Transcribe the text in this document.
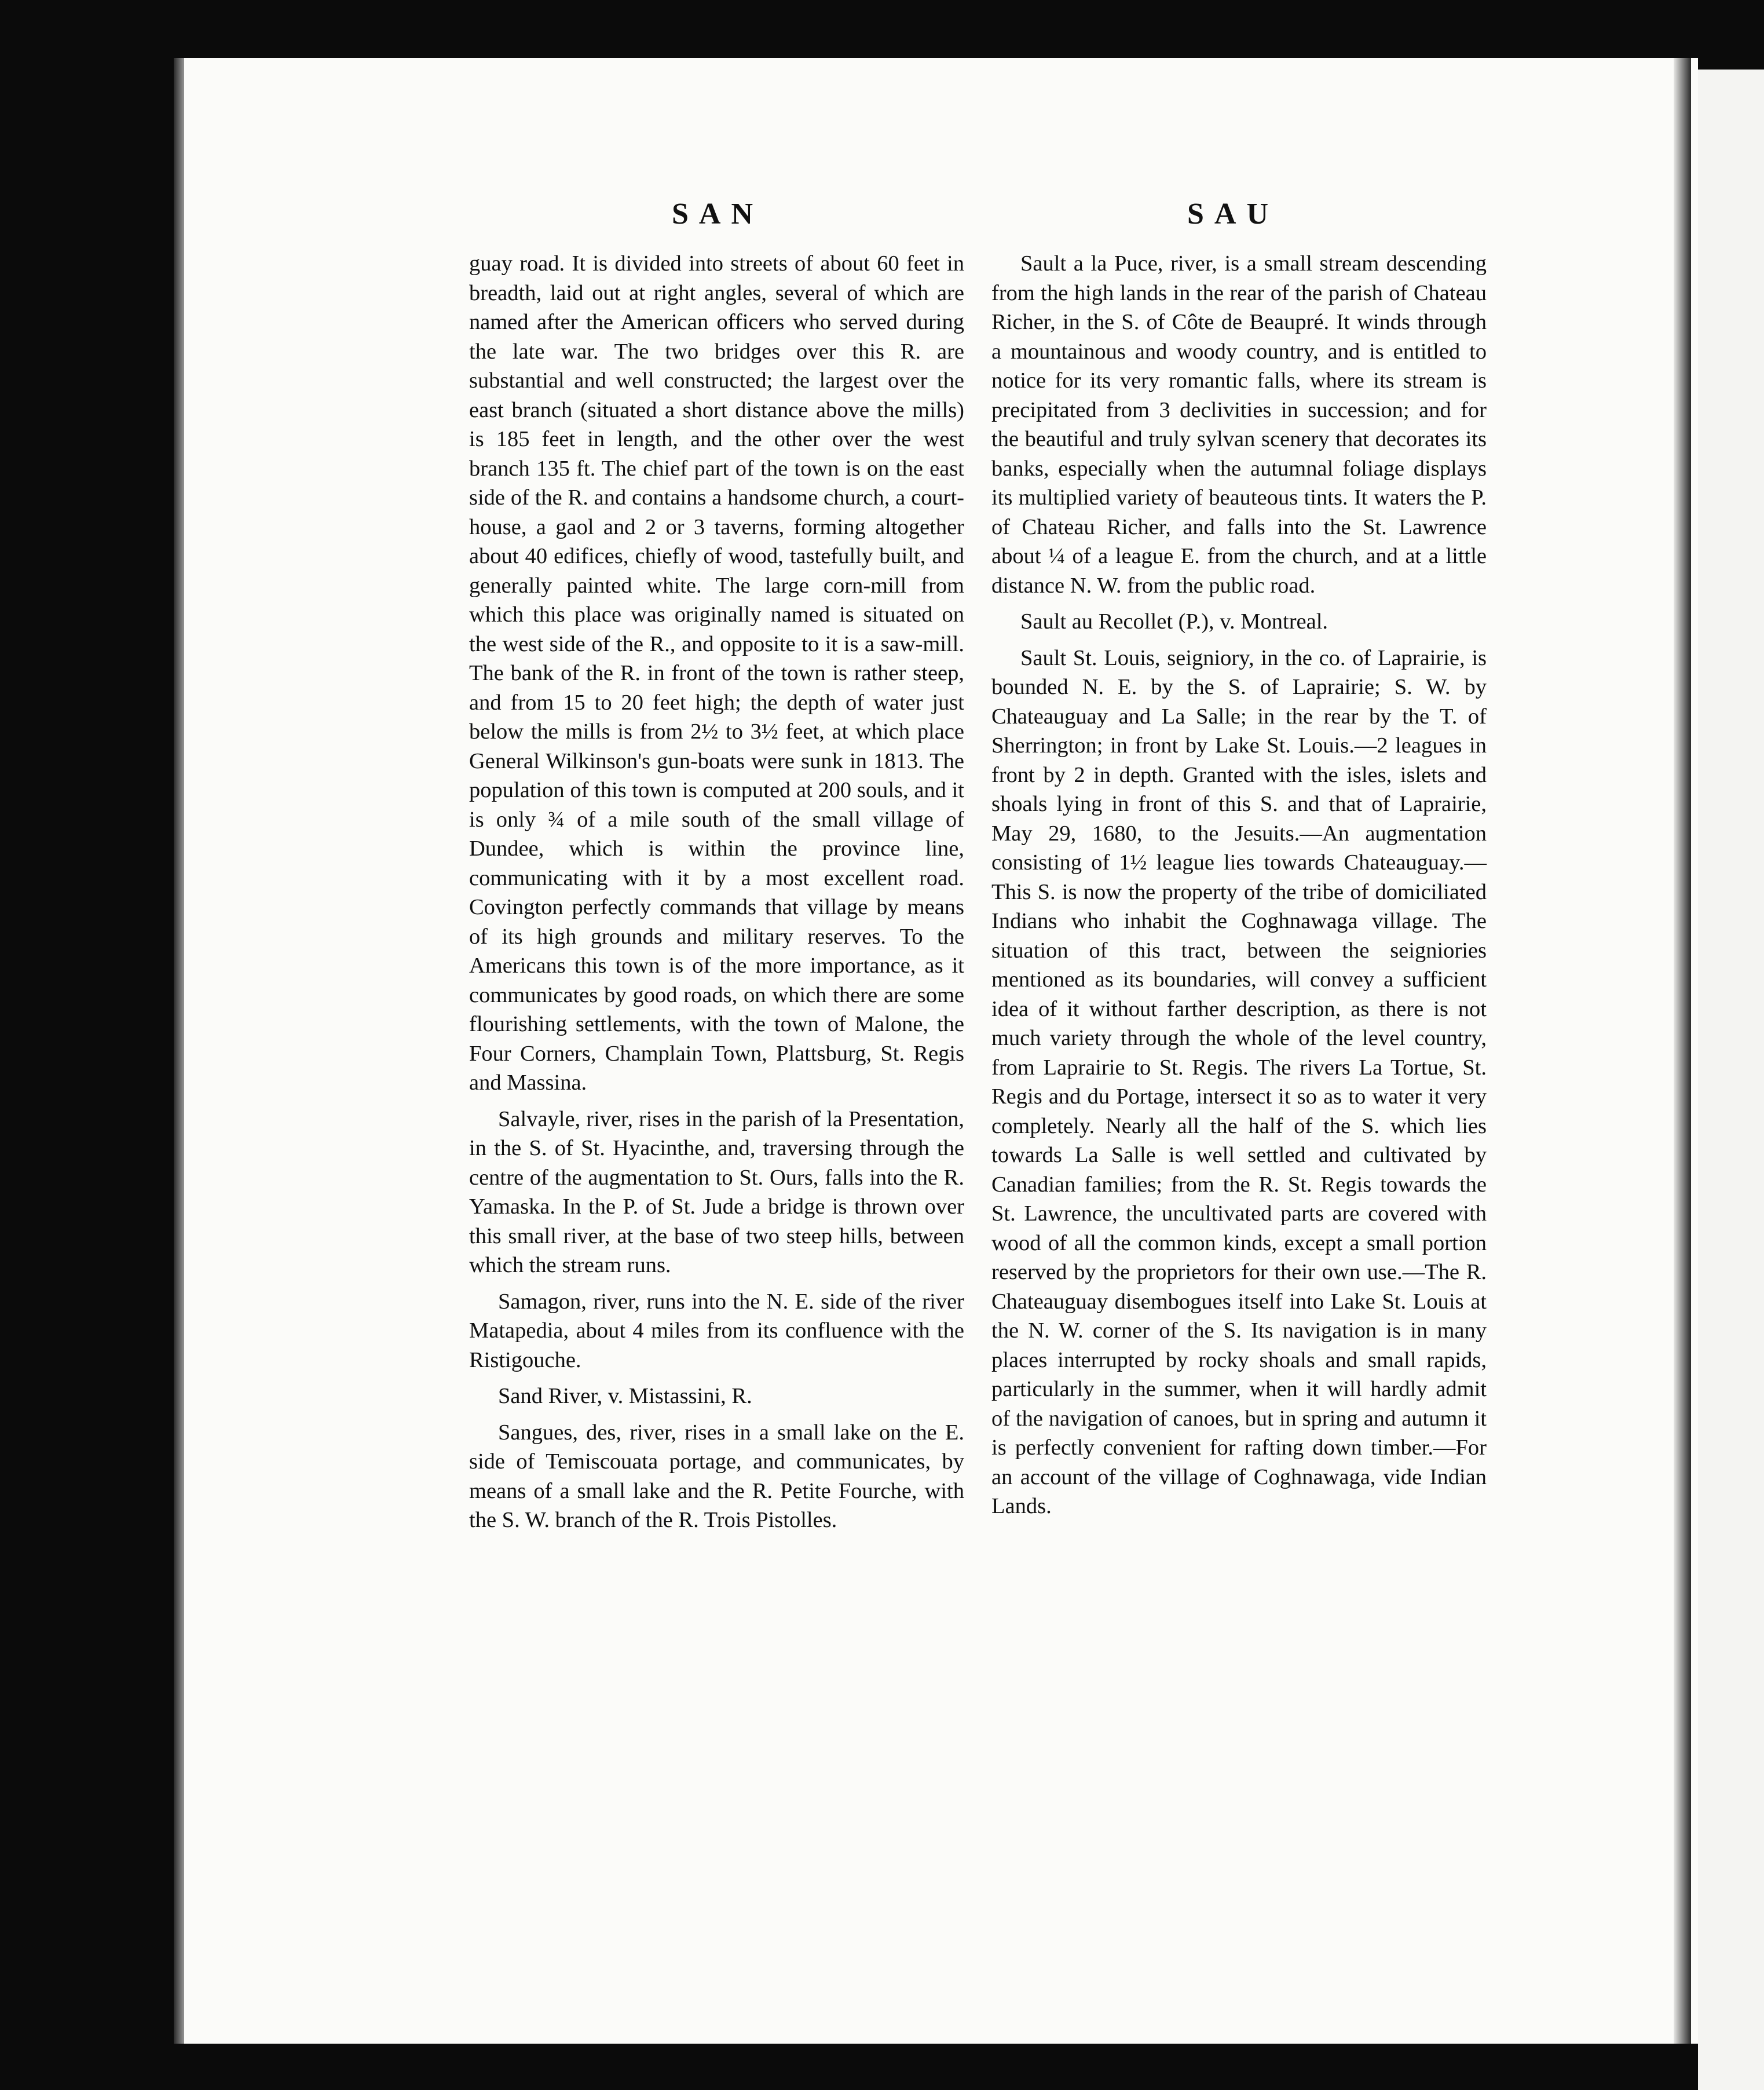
SAN	SAU

guay road. It is divided into streets of about 60 feet in breadth, laid out at right angles, several of which are named after the American officers who served during the late war. The two bridges over this R. are substantial and well constructed; the largest over the east branch (situated a short distance above the mills) is 185 feet in length, and the other over the west branch 135 ft. The chief part of the town is on the east side of the R. and contains a handsome church, a court-house, a gaol and 2 or 3 taverns, forming altogether about 40 edifices, chiefly of wood, tastefully built, and generally painted white. The large corn-mill from which this place was originally named is situated on the west side of the R., and opposite to it is a saw-mill. The bank of the R. in front of the town is rather steep, and from 15 to 20 feet high; the depth of water just below the mills is from 2½ to 3½ feet, at which place General Wilkinson's gun-boats were sunk in 1813. The population of this town is computed at 200 souls, and it is only ¾ of a mile south of the small village of Dundee, which is within the province line, communicating with it by a most excellent road. Covington perfectly commands that village by means of its high grounds and military reserves. To the Americans this town is of the more importance, as it communicates by good roads, on which there are some flourishing settlements, with the town of Malone, the Four Corners, Champlain Town, Plattsburg, St. Regis and Massina.

Salvayle, river, rises in the parish of la Presentation, in the S. of St. Hyacinthe, and, traversing through the centre of the augmentation to St. Ours, falls into the R. Yamaska. In the P. of St. Jude a bridge is thrown over this small river, at the base of two steep hills, between which the stream runs.

Samagon, river, runs into the N. E. side of the river Matapedia, about 4 miles from its confluence with the Ristigouche.

Sand River, v. Mistassini, R.

Sangues, des, river, rises in a small lake on the E. side of Temiscouata portage, and communicates, by means of a small lake and the R. Petite Fourche, with the S. W. branch of the R. Trois Pistolles.

Sault a la Puce, river, is a small stream descending from the high lands in the rear of the parish of Chateau Richer, in the S. of Côte de Beaupré. It winds through a mountainous and woody country, and is entitled to notice for its very romantic falls, where its stream is precipitated from 3 declivities in succession; and for the beautiful and truly sylvan scenery that decorates its banks, especially when the autumnal foliage displays its multiplied variety of beauteous tints. It waters the P. of Chateau Richer, and falls into the St. Lawrence about ¼ of a league E. from the church, and at a little distance N. W. from the public road.

Sault au Recollet (P.), v. Montreal.

Sault St. Louis, seigniory, in the co. of Laprairie, is bounded N. E. by the S. of Laprairie; S. W. by Chateauguay and La Salle; in the rear by the T. of Sherrington; in front by Lake St. Louis.—2 leagues in front by 2 in depth. Granted with the isles, islets and shoals lying in front of this S. and that of Laprairie, May 29, 1680, to the Jesuits.—An augmentation consisting of 1½ league lies towards Chateauguay.—This S. is now the property of the tribe of domiciliated Indians who inhabit the Coghnawaga village. The situation of this tract, between the seigniories mentioned as its boundaries, will convey a sufficient idea of it without farther description, as there is not much variety through the whole of the level country, from Laprairie to St. Regis. The rivers La Tortue, St. Regis and du Portage, intersect it so as to water it very completely. Nearly all the half of the S. which lies towards La Salle is well settled and cultivated by Canadian families; from the R. St. Regis towards the St. Lawrence, the uncultivated parts are covered with wood of all the common kinds, except a small portion reserved by the proprietors for their own use.—The R. Chateauguay disembogues itself into Lake St. Louis at the N. W. corner of the S. Its navigation is in many places interrupted by rocky shoals and small rapids, particularly in the summer, when it will hardly admit of the navigation of canoes, but in spring and autumn it is perfectly convenient for rafting down timber.—For an account of the village of Coghnawaga, vide Indian Lands.
